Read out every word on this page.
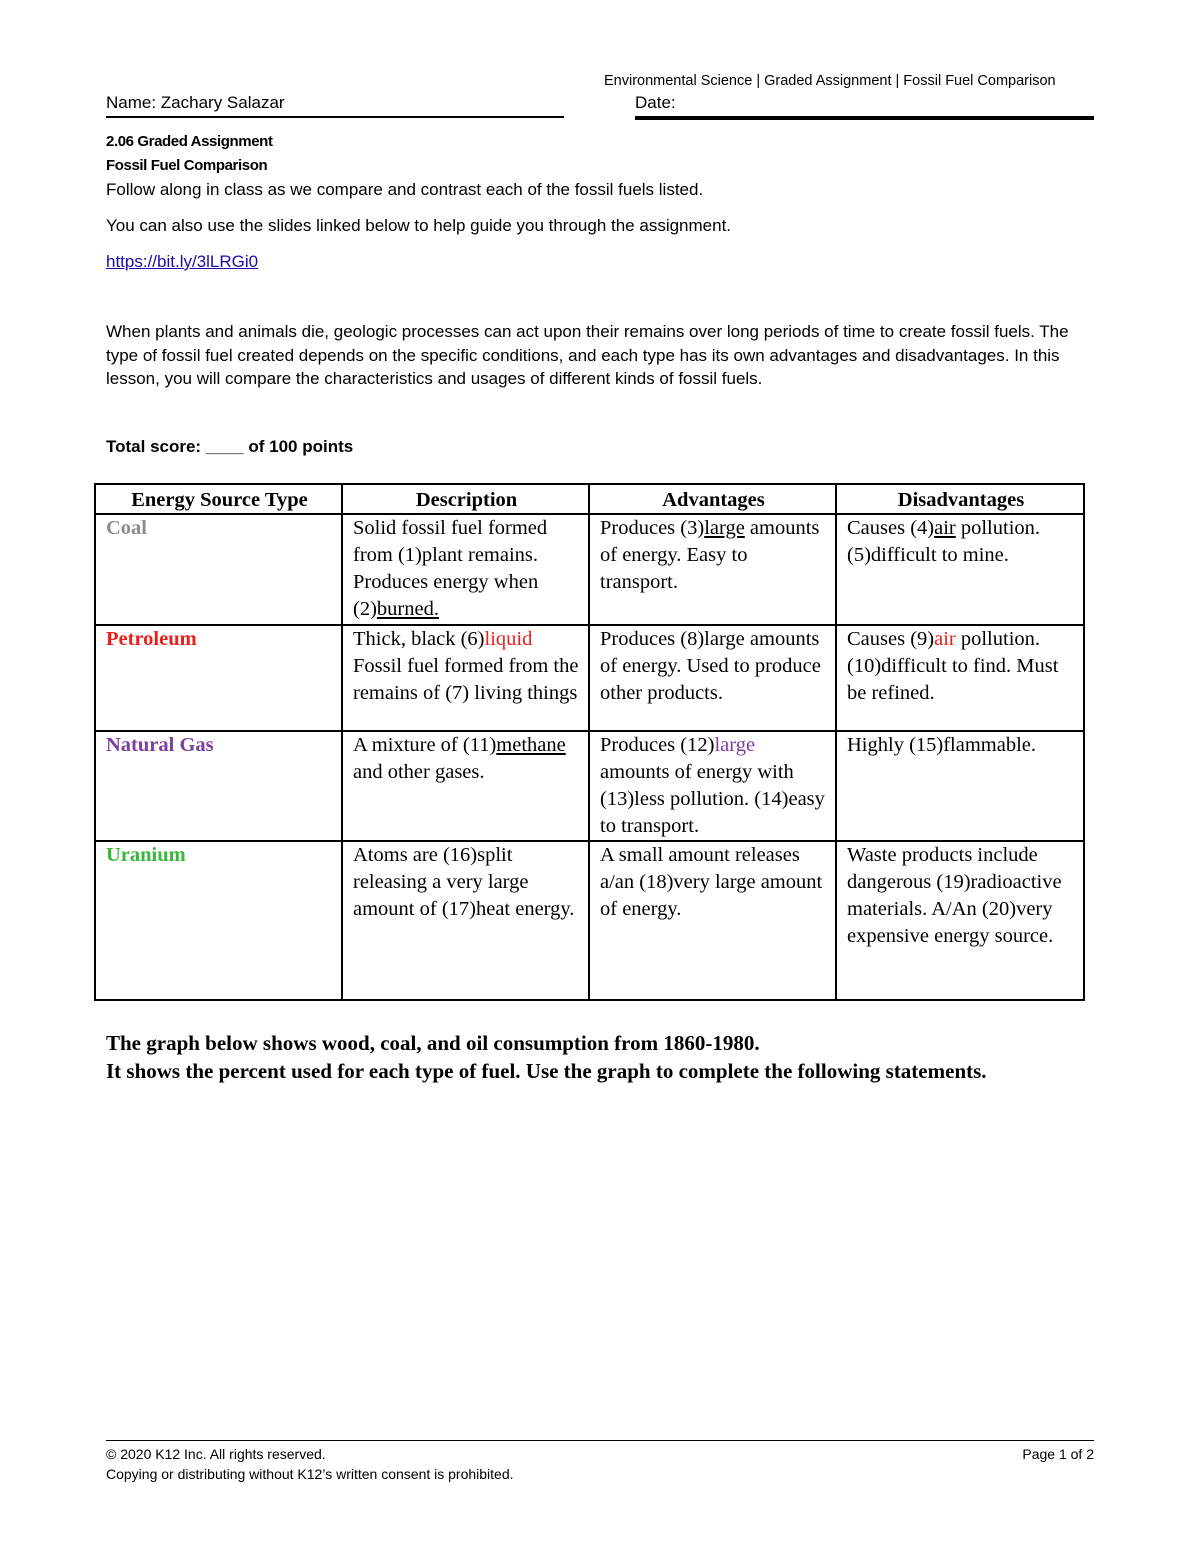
Environmental Science | Graded Assignment | Fossil Fuel Comparison
Name: Zachary Salazar	Date:
2.06 Graded Assignment
Fossil Fuel Comparison
Follow along in class as we compare and contrast each of the fossil fuels listed.
You can also use the slides linked below to help guide you through the assignment.
https://bit.ly/3lLRGi0
When plants and animals die, geologic processes can act upon their remains over long periods of time to create fossil fuels. The type of fossil fuel created depends on the specific conditions, and each type has its own advantages and disadvantages. In this lesson, you will compare the characteristics and usages of different kinds of fossil fuels.
Total score: ____ of 100 points
Energy Source Type	Description	Advantages	Disadvantages
Coal	Solid fossil fuel formed from (1)plant remains. Produces energy when (2)burned.	Produces (3)large amounts of energy. Easy to transport.	Causes (4)air pollution. (5)difficult to mine.
Petroleum	Thick, black (6)liquid Fossil fuel formed from the remains of (7) living things	Produces (8)large amounts of energy. Used to produce other products.	Causes (9)air pollution. (10)difficult to find. Must be refined.
Natural Gas	A mixture of (11)methane and other gases.	Produces (12)large amounts of energy with (13)less pollution. (14)easy to transport.	Highly (15)flammable.
Uranium	Atoms are (16)split releasing a very large amount of (17)heat energy.	A small amount releases a/an (18)very large amount of energy.	Waste products include dangerous (19)radioactive materials. A/An (20)very expensive energy source.
The graph below shows wood, coal, and oil consumption from 1860-1980.
It shows the percent used for each type of fuel. Use the graph to complete the following statements.
© 2020 K12 Inc. All rights reserved.
Copying or distributing without K12’s written consent is prohibited.
Page 1 of 2
